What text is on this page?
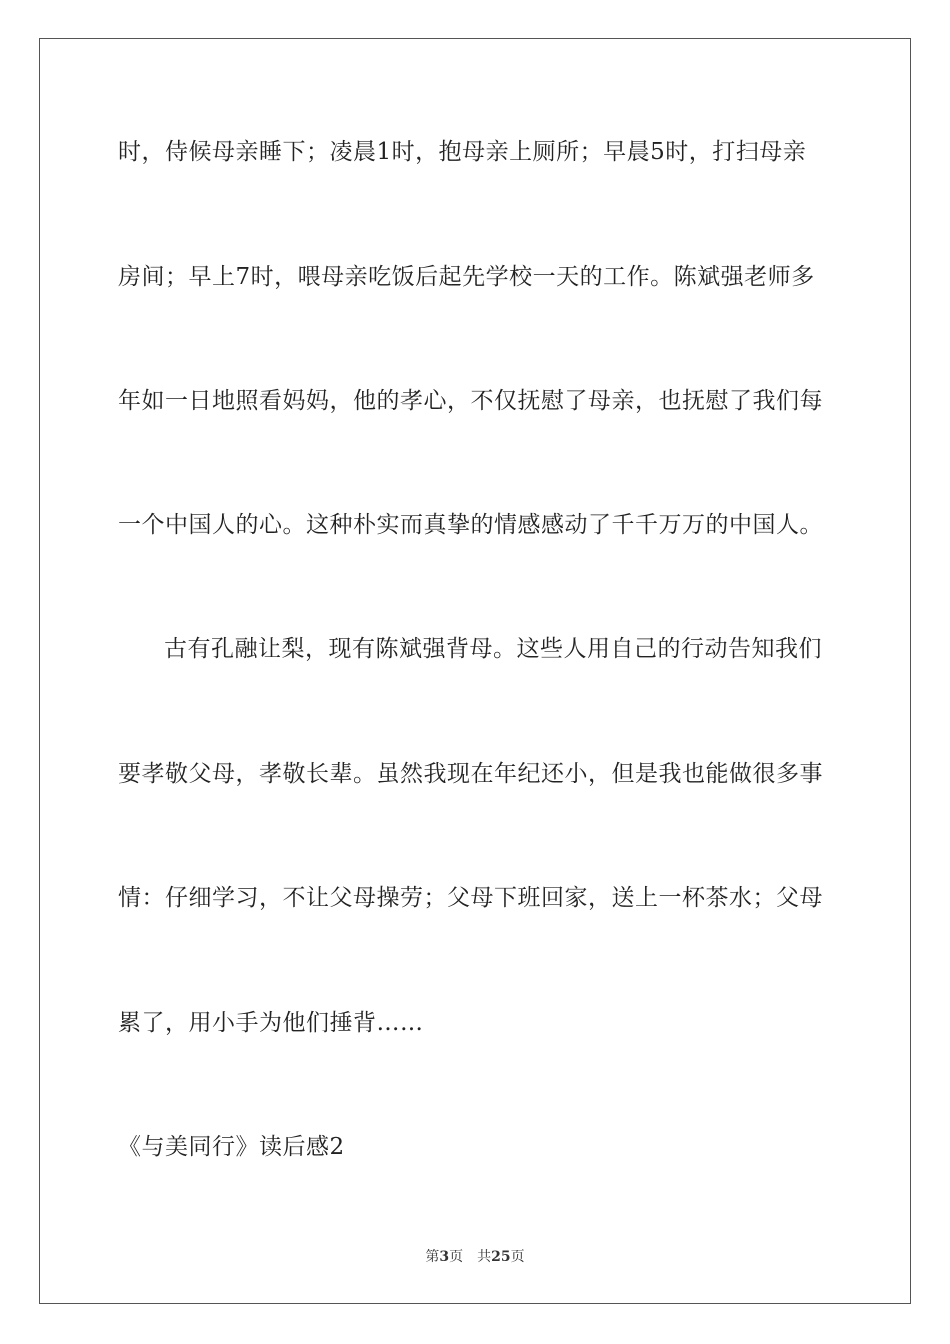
时，侍候母亲睡下；凌晨1时，抱母亲上厕所；早晨5时，打扫母亲
房间；早上7时，喂母亲吃饭后起先学校一天的工作。陈斌强老师多
年如一日地照看妈妈，他的孝心，不仅抚慰了母亲，也抚慰了我们每
一个中国人的心。这种朴实而真挚的情感感动了千千万万的中国人。
古有孔融让梨，现有陈斌强背母。这些人用自己的行动告知我们
要孝敬父母，孝敬长辈。虽然我现在年纪还小，但是我也能做很多事
情：仔细学习，不让父母操劳；父母下班回家，送上一杯茶水；父母
累了，用小手为他们捶背……
《与美同行》读后感2
第3页 共25页
